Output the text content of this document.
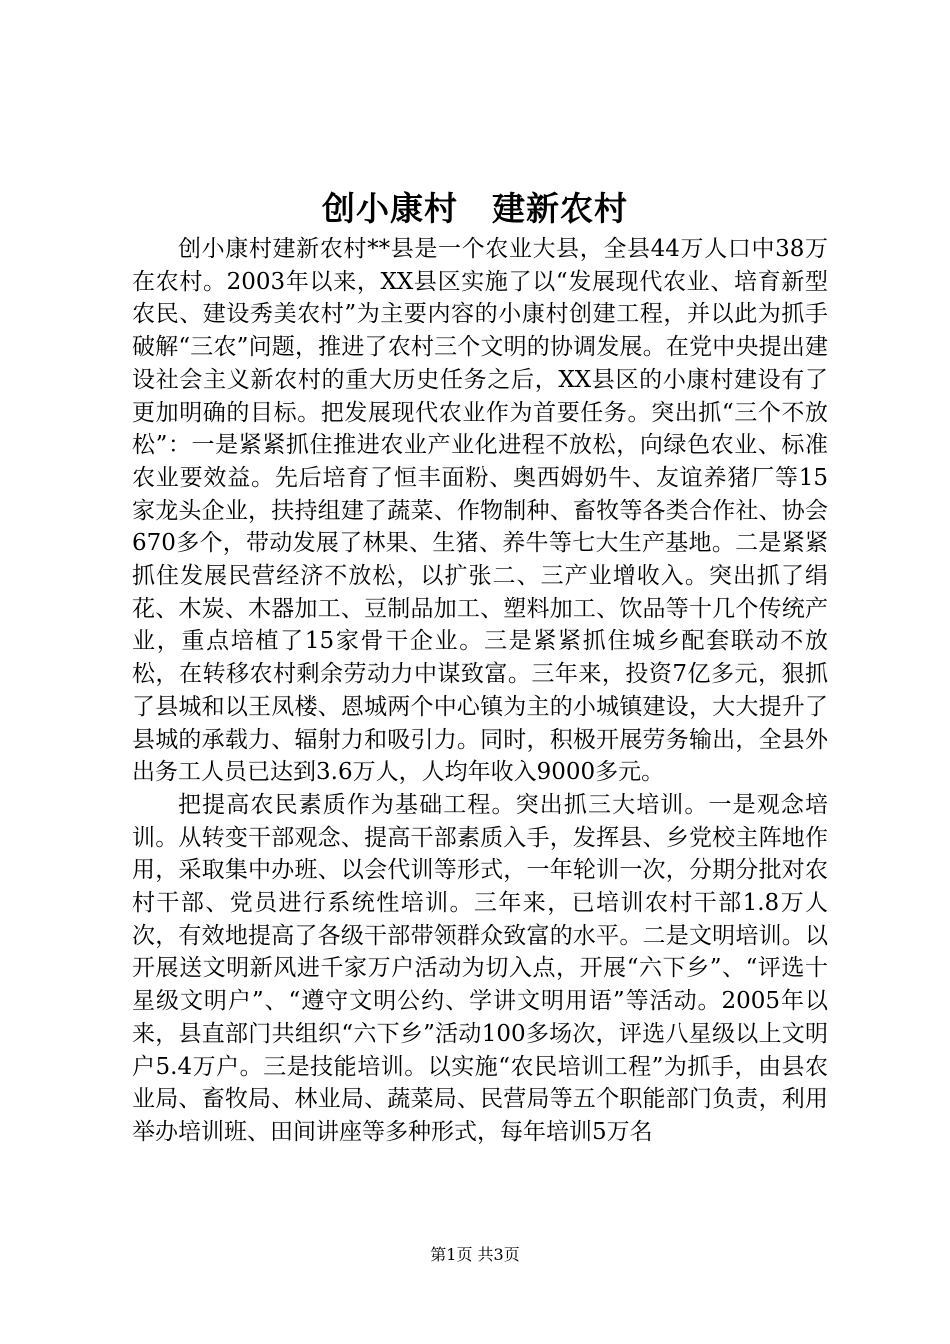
创小康村　建新农村

创小康村建新农村**县是一个农业大县，全县44万人口中38万在农村。2003年以来，XX县区实施了以“发展现代农业、培育新型农民、建设秀美农村”为主要内容的小康村创建工程，并以此为抓手破解“三农”问题，推进了农村三个文明的协调发展。在党中央提出建设社会主义新农村的重大历史任务之后，XX县区的小康村建设有了更加明确的目标。把发展现代农业作为首要任务。突出抓“三个不放松”：一是紧紧抓住推进农业产业化进程不放松，向绿色农业、标准农业要效益。先后培育了恒丰面粉、奥西姆奶牛、友谊养猪厂等15家龙头企业，扶持组建了蔬菜、作物制种、畜牧等各类合作社、协会670多个，带动发展了林果、生猪、养牛等七大生产基地。二是紧紧抓住发展民营经济不放松，以扩张二、三产业增收入。突出抓了绢花、木炭、木器加工、豆制品加工、塑料加工、饮品等十几个传统产业，重点培植了15家骨干企业。三是紧紧抓住城乡配套联动不放松，在转移农村剩余劳动力中谋致富。三年来，投资7亿多元，狠抓了县城和以王凤楼、恩城两个中心镇为主的小城镇建设，大大提升了县城的承载力、辐射力和吸引力。同时，积极开展劳务输出，全县外出务工人员已达到3.6万人，人均年收入9000多元。

把提高农民素质作为基础工程。突出抓三大培训。一是观念培训。从转变干部观念、提高干部素质入手，发挥县、乡党校主阵地作用，采取集中办班、以会代训等形式，一年轮训一次，分期分批对农村干部、党员进行系统性培训。三年来，已培训农村干部1.8万人次，有效地提高了各级干部带领群众致富的水平。二是文明培训。以开展送文明新风进千家万户活动为切入点，开展“六下乡”、“评选十星级文明户”、“遵守文明公约、学讲文明用语”等活动。2005年以来，县直部门共组织“六下乡”活动100多场次，评选八星级以上文明户5.4万户。三是技能培训。以实施“农民培训工程”为抓手，由县农业局、畜牧局、林业局、蔬菜局、民营局等五个职能部门负责，利用举办培训班、田间讲座等多种形式，每年培训5万名

第1页 共3页
